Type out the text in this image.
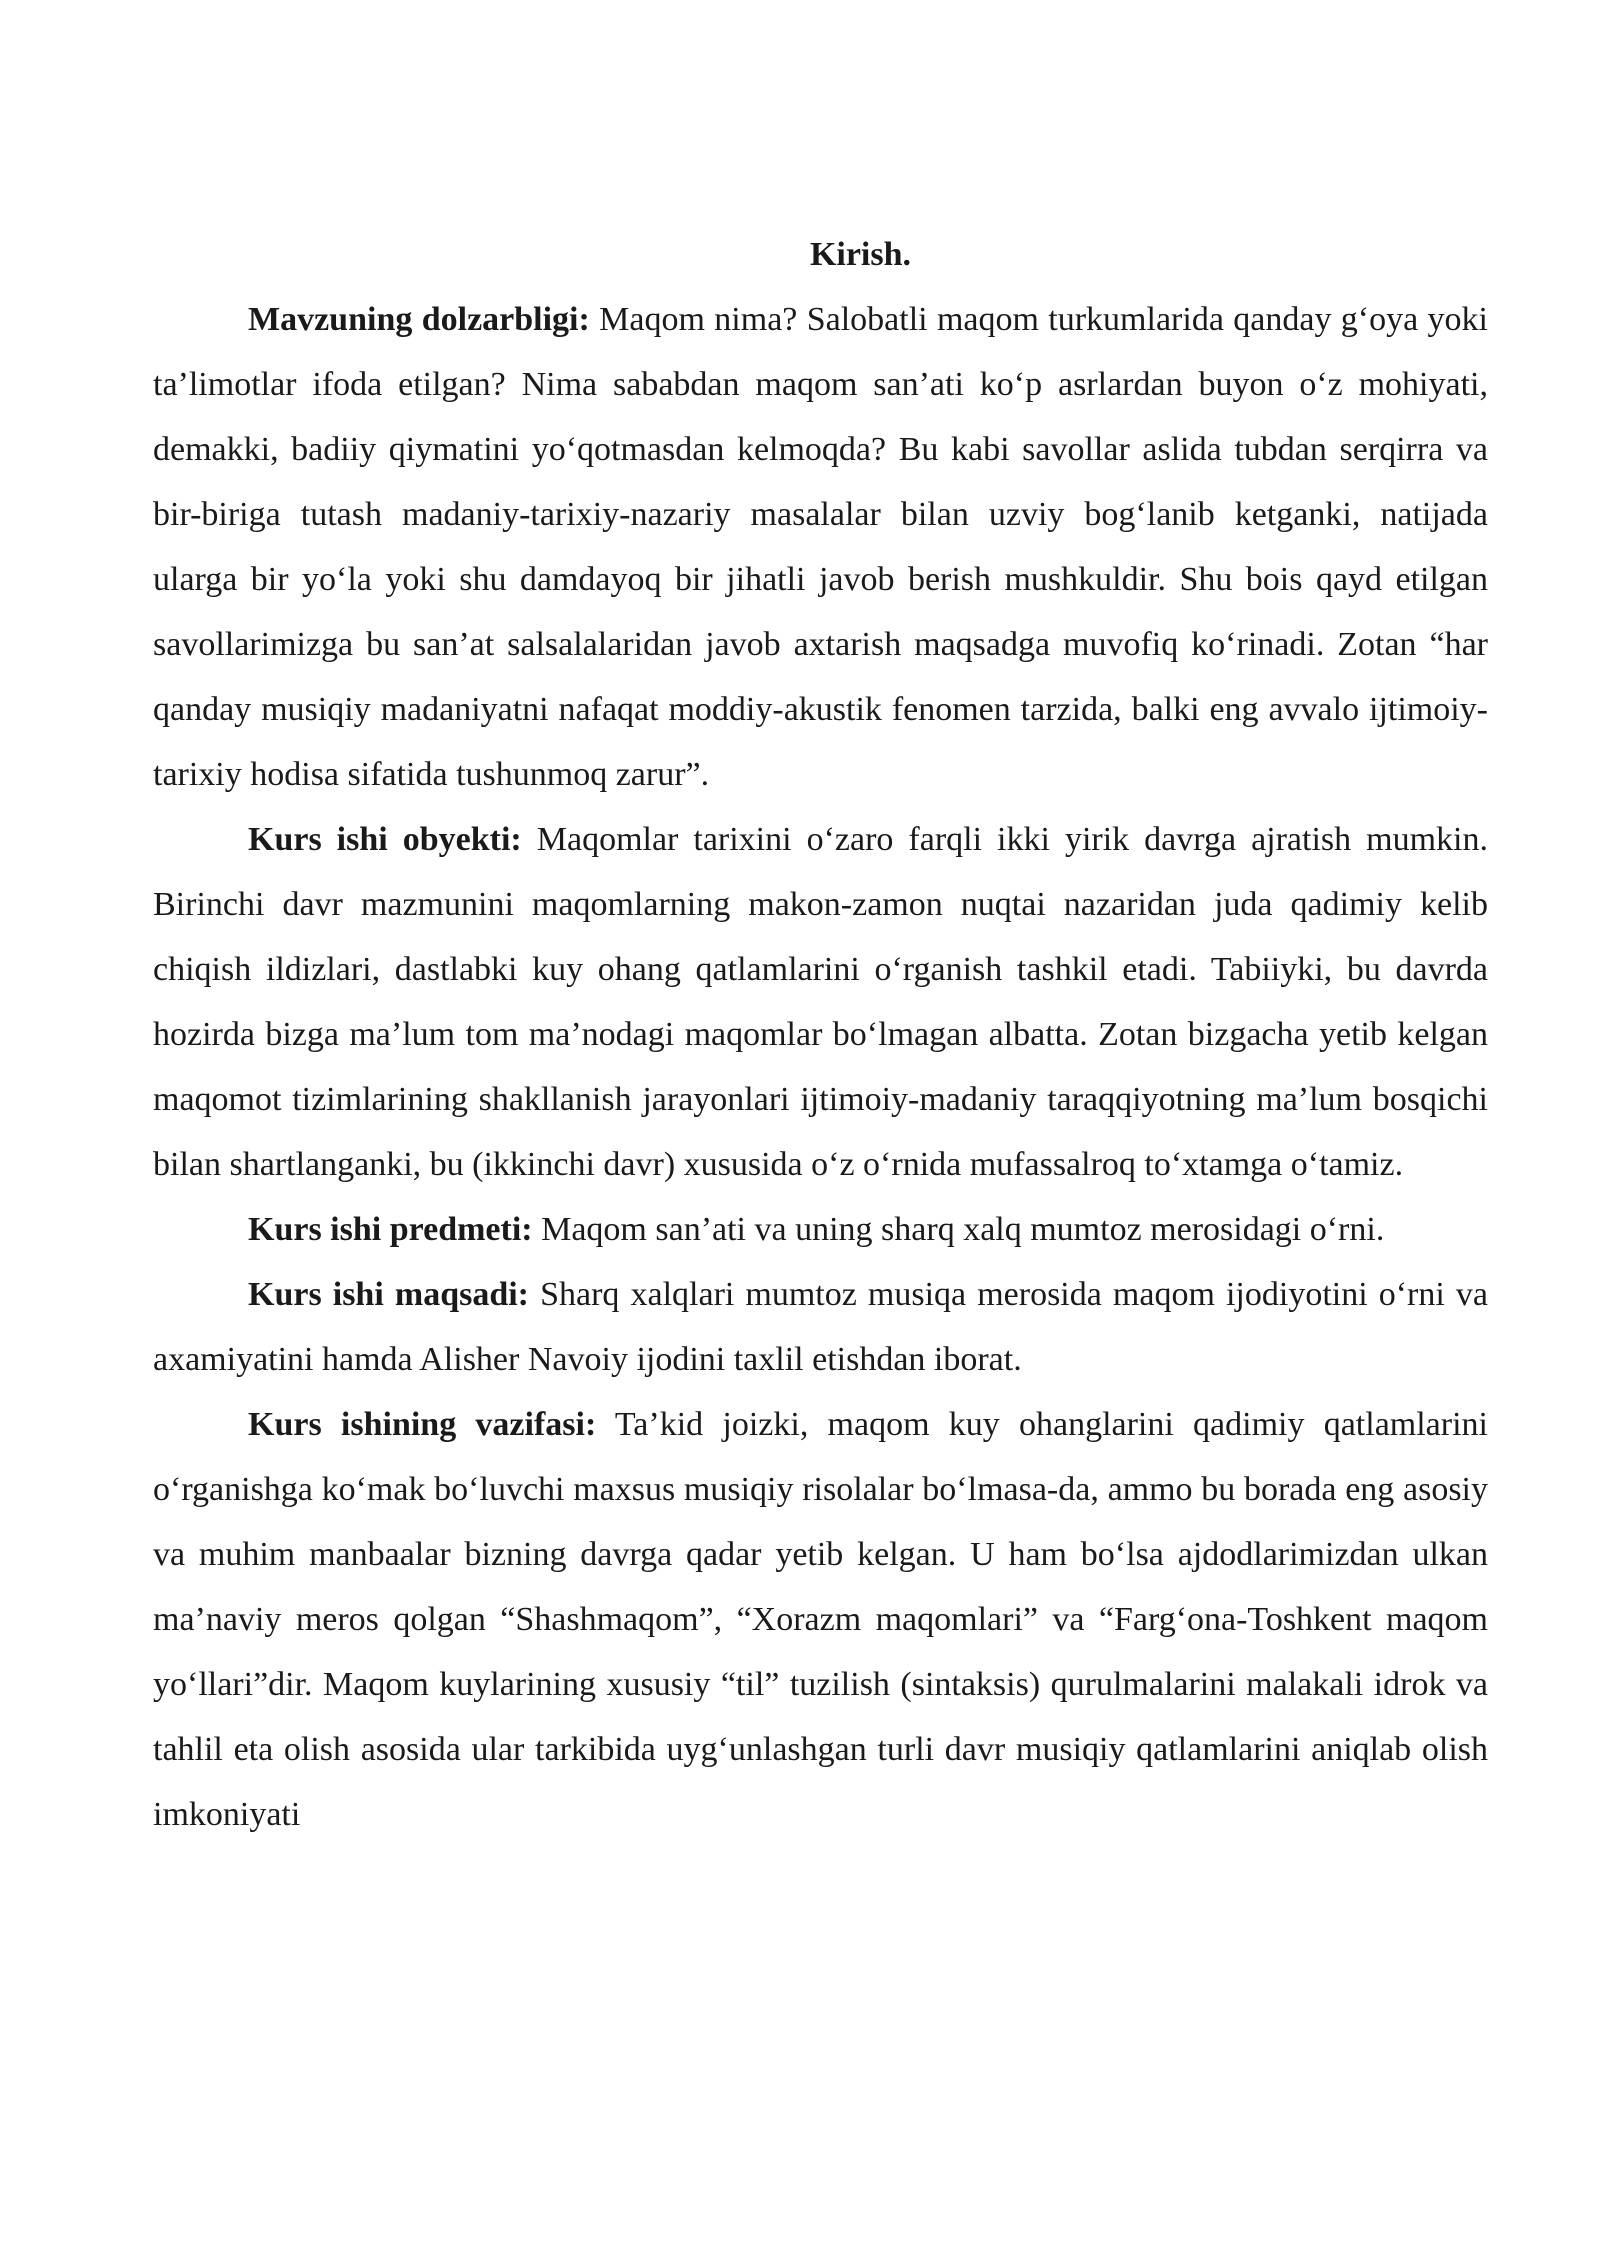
Kirish.

Mavzuning dolzarbligi: Maqom nima? Salobatli maqom turkumlarida qanday g‘oya yoki ta’limotlar ifoda etilgan? Nima sababdan maqom san’ati ko‘p asrlardan buyon o‘z mohiyati, demakki, badiiy qiymatini yo‘qotmasdan kelmoqda? Bu kabi savollar aslida tubdan serqirra va bir-biriga tutash madaniy-tarixiy-nazariy masalalar bilan uzviy bog‘lanib ketganki, natijada ularga bir yo‘la yoki shu damdayoq bir jihatli javob berish mushkuldir. Shu bois qayd etilgan savollarimizga bu san’at salsalalaridan javob axtarish maqsadga muvofiq ko‘rinadi. Zotan “har qanday musiqiy madaniyatni nafaqat moddiy-akustik fenomen tarzida, balki eng avvalo ijtimoiy- tarixiy hodisa sifatida tushunmoq zarur”.

Kurs ishi obyekti: Maqomlar tarixini o‘zaro farqli ikki yirik davrga ajratish mumkin. Birinchi davr mazmunini maqomlarning makon-zamon nuqtai nazaridan juda qadimiy kelib chiqish ildizlari, dastlabki kuy ohang qatlamlarini o‘rganish tashkil etadi. Tabiiyki, bu davrda hozirda bizga ma’lum tom ma’nodagi maqomlar bo‘lmagan albatta. Zotan bizgacha yetib kelgan maqomot tizimlarining shakllanish jarayonlari ijtimoiy-madaniy taraqqiyotning ma’lum bosqichi bilan shartlanganki, bu (ikkinchi davr) xususida o‘z o‘rnida mufassalroq to‘xtamga o‘tamiz.

Kurs ishi predmeti: Maqom san’ati va uning sharq xalq mumtoz merosidagi o‘rni.

Kurs ishi maqsadi: Sharq xalqlari mumtoz musiqa merosida maqom ijodiyotini o‘rni va axamiyatini hamda Alisher Navoiy ijodini taxlil etishdan iborat.

Kurs ishining vazifasi: Ta’kid joizki, maqom kuy ohanglarini qadimiy qatlamlarini o‘rganishga ko‘mak bo‘luvchi maxsus musiqiy risolalar bo‘lmasa-da, ammo bu borada eng asosiy va muhim manbaalar bizning davrga qadar yetib kelgan. U ham bo‘lsa ajdodlarimizdan ulkan ma’naviy meros qolgan “Shashmaqom”, “Xorazm maqomlari” va “Farg‘ona-Toshkent maqom yo‘llari”dir. Maqom kuylarining xususiy “til” tuzilish (sintaksis) qurulmalarini malakali idrok va tahlil eta olish asosida ular tarkibida uyg‘unlashgan turli davr musiqiy qatlamlarini aniqlab olish imkoniyati
